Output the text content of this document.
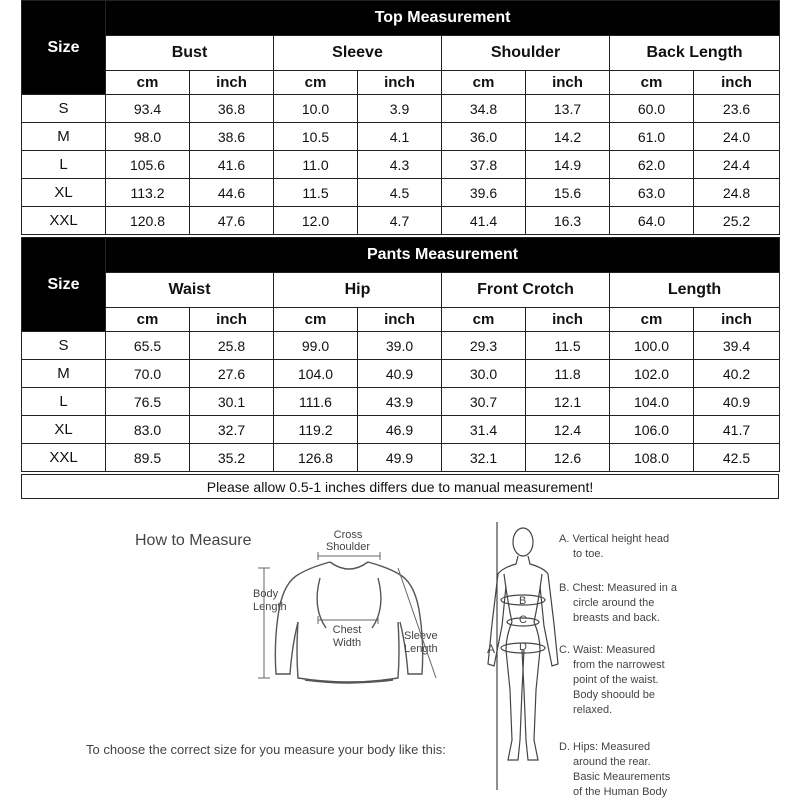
Size	Top Measurement							
	Bust		Sleeve		Shoulder		Back Length	
	cm	inch	cm	inch	cm	inch	cm	inch
S	93.4	36.8	10.0	3.9	34.8	13.7	60.0	23.6
M	98.0	38.6	10.5	4.1	36.0	14.2	61.0	24.0
L	105.6	41.6	11.0	4.3	37.8	14.9	62.0	24.4
XL	113.2	44.6	11.5	4.5	39.6	15.6	63.0	24.8
XXL	120.8	47.6	12.0	4.7	41.4	16.3	64.0	25.2
Size	Pants Measurement							
	Waist		Hip		Front Crotch		Length	
	cm	inch	cm	inch	cm	inch	cm	inch
S	65.5	25.8	99.0	39.0	29.3	11.5	100.0	39.4
M	70.0	27.6	104.0	40.9	30.0	11.8	102.0	40.2
L	76.5	30.1	111.6	43.9	30.7	12.1	104.0	40.9
XL	83.0	32.7	119.2	46.9	31.4	12.4	106.0	41.7
XXL	89.5	35.2	126.8	49.9	32.1	12.6	108.0	42.5
Please allow 0.5-1 inches differs due to manual measurement!
How to Measure	Cross
Shoulder
Body
Length
Chest
Width
Sleeve
Length
To choose the correct size for you measure your body like this:
A
B
C
D
A. Vertical height head
to toe.
B. Chest: Measured in a
circle around the
breasts and back.
C. Waist: Measured
from the narrowest
point of the waist.
Body shoould be
relaxed.
D. Hips: Measured
around the rear.
Basic Meaurements
of the Human Body
